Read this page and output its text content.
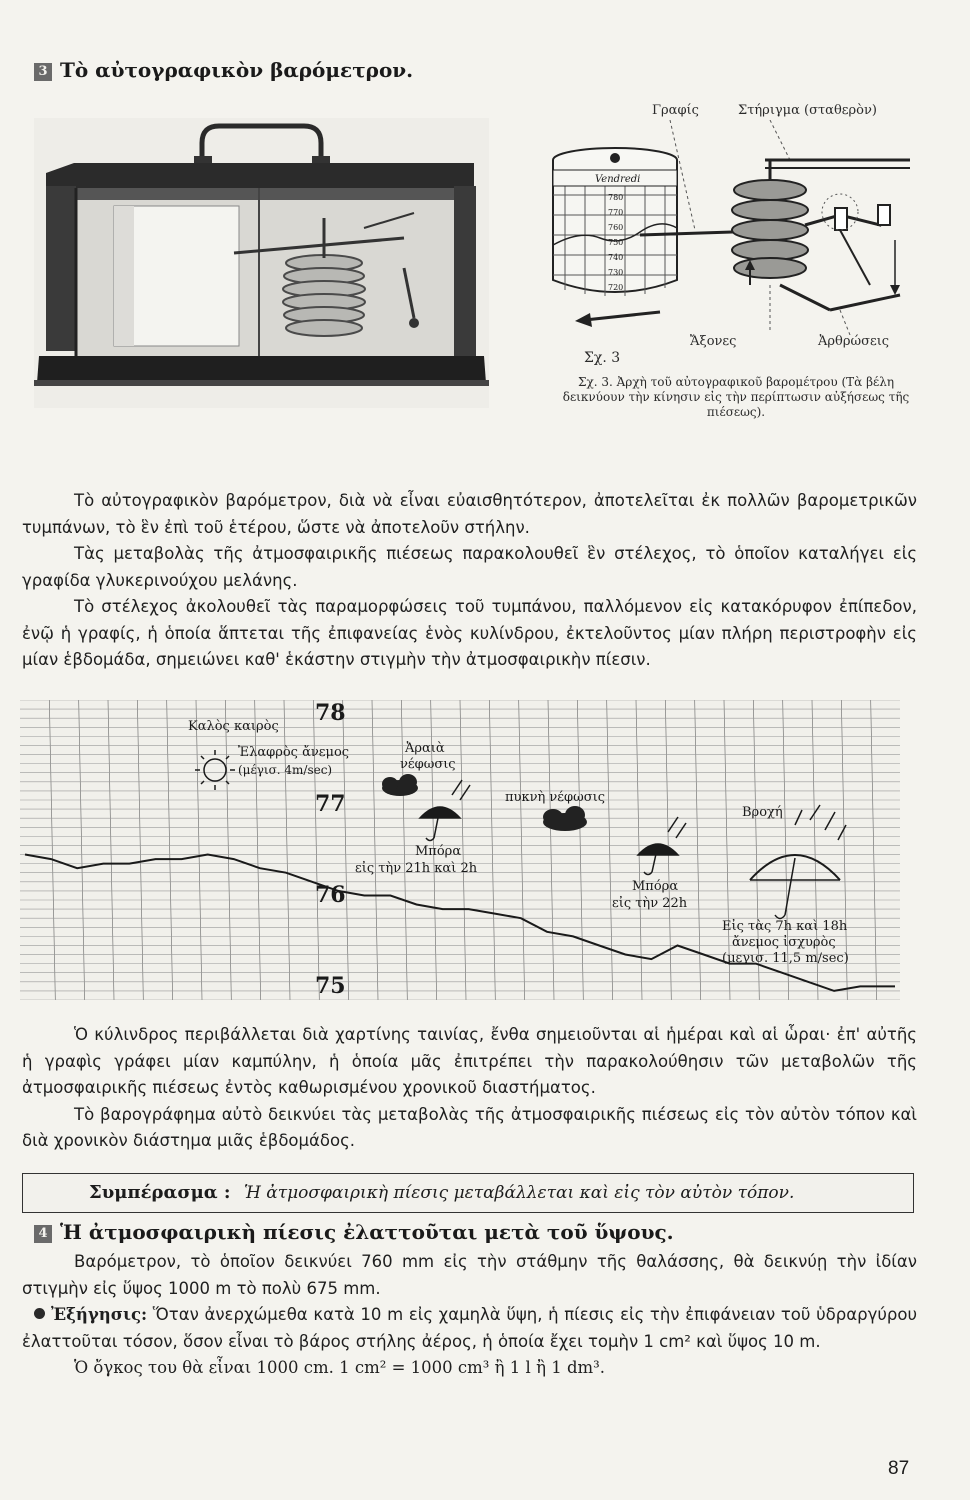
3 Τὸ αὐτογραφικὸν βαρόμετρον.
Γραφίς	Στήριγμα (σταθερὸν)
Vendredi
780
770
760
750
740
730
720
Ἄξονες	Ἀρθρώσεις
Σχ. 3
Σχ. 3. Ἀρχὴ τοῦ αὐτογραφικοῦ βαρομέτρου (Τὰ βέλη δεικνύουν τὴν κίνησιν εἰς τὴν περίπτωσιν αὐξήσεως τῆς πιέσεως).

Τὸ αὐτογραφικὸν βαρόμετρον, διὰ νὰ εἶναι εὐαισθητότερον, ἀποτελεῖται ἐκ πολλῶν βαρομετρικῶν τυμπάνων, τὸ ἓν ἐπὶ τοῦ ἑτέρου, ὥστε νὰ ἀποτελοῦν στήλην.

Τὰς μεταβολὰς τῆς ἀτμοσφαιρικῆς πιέσεως παρακολουθεῖ ἓν στέλεχος, τὸ ὁποῖον καταλήγει εἰς γραφίδα γλυκερινούχου μελάνης.

Τὸ στέλεχος ἀκολουθεῖ τὰς παραμορφώσεις τοῦ τυμπάνου, παλλόμενον εἰς κατακόρυφον ἐπίπεδον, ἐνῷ ἡ γραφίς, ἡ ὁποία ἅπτεται τῆς ἐπιφανείας ἑνὸς κυλίνδρου, ἐκτελοῦντος μίαν πλήρη περιστροφὴν εἰς μίαν ἑβδομάδα, σημειώνει καθ' ἑκάστην στιγμὴν τὴν ἀτμοσφαιρικὴν πίεσιν.

78
77
76
75
Καλὸς καιρὸς
Ἐλαφρὸς ἄνεμος
(μέγισ. 4m/sec)
Ἀραιὰ
νέφωσις
πυκνὴ νέφωσις
Μπόρα
εἰς τὴν 21h καὶ 2h
Μπόρα
εἰς τὴν 22h
Βροχή
Εἰς τὰς 7h καὶ 18h
ἄνεμος ἰσχυρὸς
(μεγισ. 11,5 m/sec)

Ὁ κύλινδρος περιβάλλεται διὰ χαρτίνης ταινίας, ἔνθα σημειοῦνται αἱ ἡμέραι καὶ αἱ ὧραι· ἐπ' αὐτῆς ἡ γραφὶς γράφει μίαν καμπύλην, ἡ ὁποία μᾶς ἐπιτρέπει τὴν παρακολούθησιν τῶν μεταβολῶν τῆς ἀτμοσφαιρικῆς πιέσεως ἐντὸς καθωρισμένου χρονικοῦ διαστήματος.

Τὸ βαρογράφημα αὐτὸ δεικνύει τὰς μεταβολὰς τῆς ἀτμοσφαιρικῆς πιέσεως εἰς τὸν αὐτὸν τόπον καὶ διὰ χρονικὸν διάστημα μιᾶς ἑβδομάδος.

Συμπέρασμα : Ἡ ἀτμοσφαιρικὴ πίεσις μεταβάλλεται καὶ εἰς τὸν αὐτὸν τόπον.
4 Ἡ ἀτμοσφαιρικὴ πίεσις ἐλαττοῦται μετὰ τοῦ ὕψους.

Βαρόμετρον, τὸ ὁποῖον δεικνύει 760 mm εἰς τὴν στάθμην τῆς θαλάσσης, θὰ δεικνύῃ τὴν ἰδίαν στιγμὴν εἰς ὕψος 1000 m τὸ πολὺ 675 mm.

Ἐξήγησις: Ὅταν ἀνερχώμεθα κατὰ 10 m εἰς χαμηλὰ ὕψη, ἡ πίεσις εἰς τὴν ἐπιφάνειαν τοῦ ὑδραργύρου ἐλαττοῦται τόσον, ὅσον εἶναι τὸ βάρος στήλης ἀέρος, ἡ ὁποία ἔχει τομὴν 1 cm² καὶ ὕψος 10 m.

Ὁ ὄγκος του θὰ εἶναι 1000 cm. 1 cm² = 1000 cm³ ἢ 1 l ἢ 1 dm³.

87
